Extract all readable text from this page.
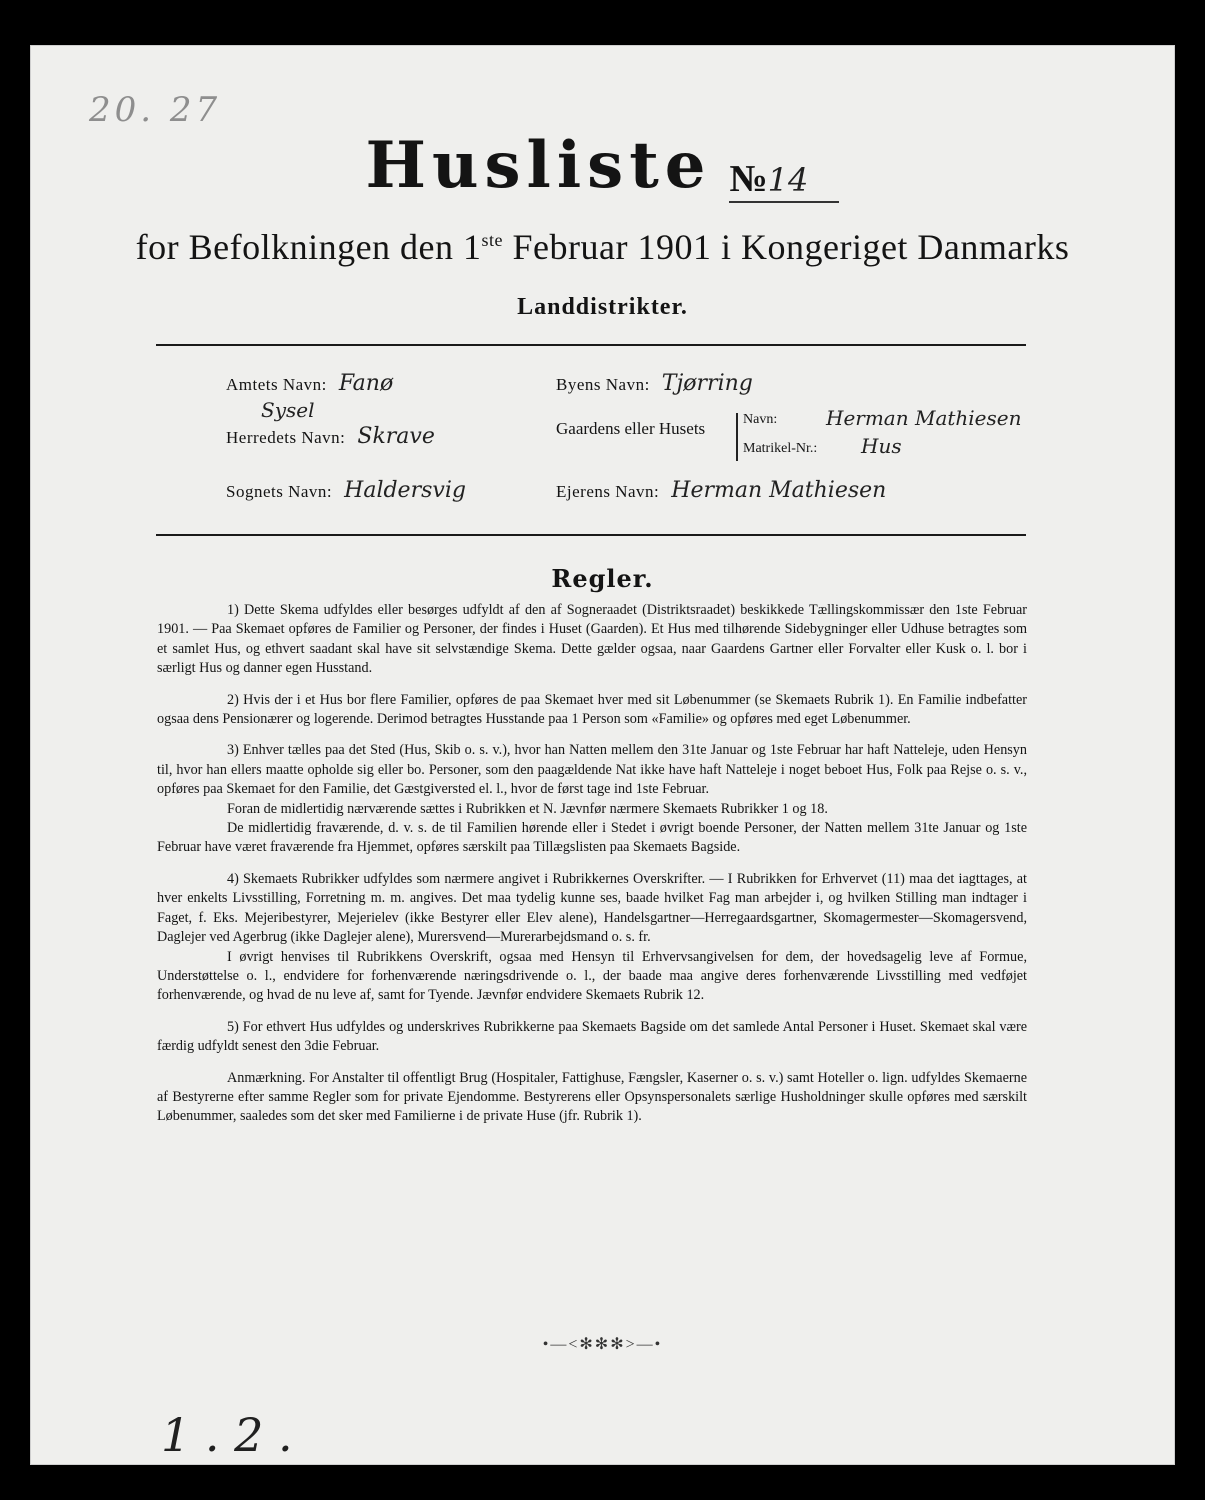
20. 27
Husliste №14
for Befolkningen den 1ste Februar 1901 i Kongeriget Danmarks
Landdistrikter.
Amtets Navn: Fanø
Sysel
Herredets Navn: Skrave
Sognets Navn: Haldersvig
Byens Navn: Tjørring
Gaardens eller Husets	Navn: Herman Mathiesen
Matrikel-Nr.: Hus
Ejerens Navn: Herman Mathiesen
Regler.

1) Dette Skema udfyldes eller besørges udfyldt af den af Sogneraadet (Distriktsraadet) beskikkede Tællingskommissær den 1ste Februar 1901. — Paa Skemaet opføres de Familier og Personer, der findes i Huset (Gaarden). Et Hus med tilhørende Sidebygninger eller Udhuse betragtes som et samlet Hus, og ethvert saadant skal have sit selvstændige Skema. Dette gælder ogsaa, naar Gaardens Gartner eller Forvalter eller Kusk o. l. bor i særligt Hus og danner egen Husstand.

2) Hvis der i et Hus bor flere Familier, opføres de paa Skemaet hver med sit Løbenummer (se Skemaets Rubrik 1). En Familie indbefatter ogsaa dens Pensionærer og logerende. Derimod betragtes Husstande paa 1 Person som «Familie» og opføres med eget Løbenummer.

3) Enhver tælles paa det Sted (Hus, Skib o. s. v.), hvor han Natten mellem den 31te Januar og 1ste Februar har haft Natteleje, uden Hensyn til, hvor han ellers maatte opholde sig eller bo. Personer, som den paagældende Nat ikke have haft Natteleje i noget beboet Hus, Folk paa Rejse o. s. v., opføres paa Skemaet for den Familie, det Gæstgiversted el. l., hvor de først tage ind 1ste Februar.

Foran de midlertidig nærværende sættes i Rubrikken et N. Jævnfør nærmere Skemaets Rubrikker 1 og 18.

De midlertidig fraværende, d. v. s. de til Familien hørende eller i Stedet i øvrigt boende Personer, der Natten mellem 31te Januar og 1ste Februar have været fraværende fra Hjemmet, opføres særskilt paa Tillægslisten paa Skemaets Bagside.

4) Skemaets Rubrikker udfyldes som nærmere angivet i Rubrikkernes Overskrifter. — I Rubrikken for Erhvervet (11) maa det iagttages, at hver enkelts Livsstilling, Forretning m. m. angives. Det maa tydelig kunne ses, baade hvilket Fag man arbejder i, og hvilken Stilling man indtager i Faget, f. Eks. Mejeribestyrer, Mejerielev (ikke Bestyrer eller Elev alene), Handelsgartner—Herregaardsgartner, Skomagermester—Skomagersvend, Daglejer ved Agerbrug (ikke Daglejer alene), Murersvend—Murerarbejdsmand o. s. fr.

I øvrigt henvises til Rubrikkens Overskrift, ogsaa med Hensyn til Erhvervsangivelsen for dem, der hovedsagelig leve af Formue, Understøttelse o. l., endvidere for forhenværende næringsdrivende o. l., der baade maa angive deres forhenværende Livsstilling med vedføjet forhenværende, og hvad de nu leve af, samt for Tyende. Jævnfør endvidere Skemaets Rubrik 12.

5) For ethvert Hus udfyldes og underskrives Rubrikkerne paa Skemaets Bagside om det samlede Antal Personer i Huset. Skemaet skal være færdig udfyldt senest den 3die Februar.

Anmærkning. For Anstalter til offentligt Brug (Hospitaler, Fattighuse, Fængsler, Kaserner o. s. v.) samt Hoteller o. lign. udfyldes Skemaerne af Bestyrerne efter samme Regler som for private Ejendomme. Bestyrerens eller Opsynspersonalets særlige Husholdninger skulle opføres med særskilt Løbenummer, saaledes som det sker med Familierne i de private Huse (jfr. Rubrik 1).

•—<✻✻✻>—•
1 . 2 .
